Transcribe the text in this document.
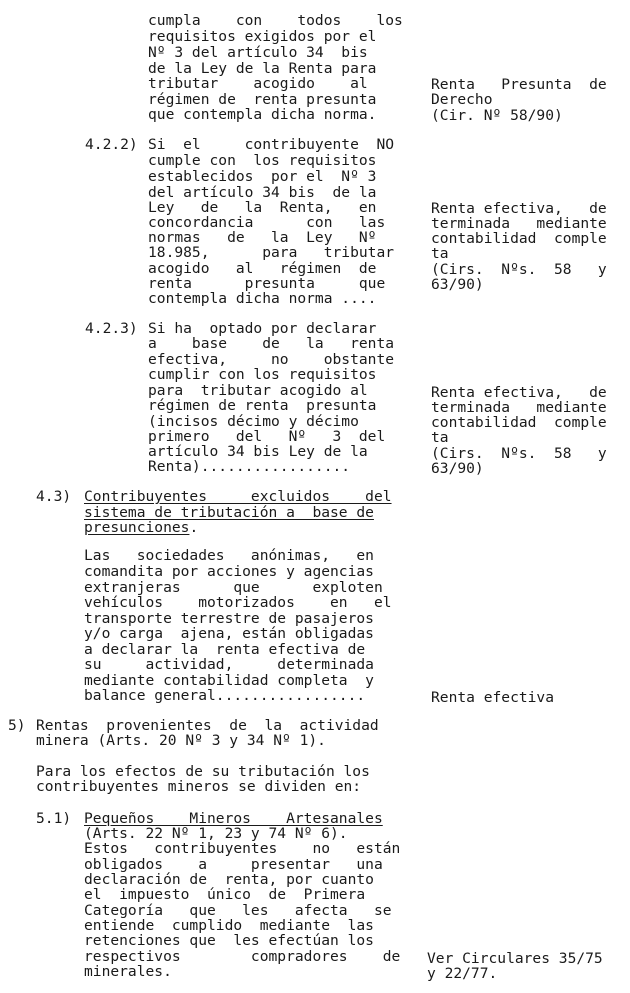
cumpla    con    todos    los
requisitos exigidos por el
Nº 3 del artículo 34  bis
de la Ley de la Renta para
tributar    acogido    al
régimen de  renta presunta
que contempla dicha norma.
Renta   Presunta  de
Derecho
(Cir. Nº 58/90)
4.2.2) Si  el     contribuyente  NO
cumple con  los requisitos
establecidos  por el  Nº 3
del artículo 34 bis  de la
Ley   de   la  Renta,   en
concordancia      con   las
normas   de   la  Ley   Nº
18.985,      para   tributar
acogido   al   régimen  de
renta      presunta     que
contempla dicha norma ....
Renta efectiva,   de
terminada   mediante
contabilidad  comple
ta
(Cirs.  Nºs.  58   y
63/90)
4.2.3) Si ha  optado por declarar
a    base    de   la   renta
efectiva,     no    obstante
cumplir con los requisitos
para  tributar acogido al
régimen de renta  presunta
(incisos décimo y décimo
primero   del   Nº   3  del
artículo 34 bis Ley de la
Renta).................
Renta efectiva,   de
terminada   mediante
contabilidad  comple
ta
(Cirs.  Nºs.  58   y
63/90)
4.3) Contribuyentes     excluidos    del
sistema de tributación a  base de
presunciones.
Las   sociedades   anónimas,   en
comandita por acciones y agencias
extranjeras      que      exploten
vehículos    motorizados    en   el
transporte terrestre de pasajeros
y/o carga  ajena, están obligadas
a declarar la  renta efectiva de
su     actividad,     determinada
mediante contabilidad completa  y
balance general.................	Renta efectiva
5) Rentas  provenientes  de  la  actividad
minera (Arts. 20 Nº 3 y 34 Nº 1).
Para los efectos de su tributación los
contribuyentes mineros se dividen en:
5.1) Pequeños    Mineros    Artesanales
(Arts. 22 Nº 1, 23 y 74 Nº 6).
Estos   contribuyentes    no   están
obligados    a     presentar   una
declaración de  renta, por cuanto
el  impuesto  único  de  Primera
Categoría   que   les   afecta   se
entiende  cumplido  mediante  las
retenciones que  les efectúan los
respectivos        compradores    de
minerales.
Ver Circulares 35/75
y 22/77.
